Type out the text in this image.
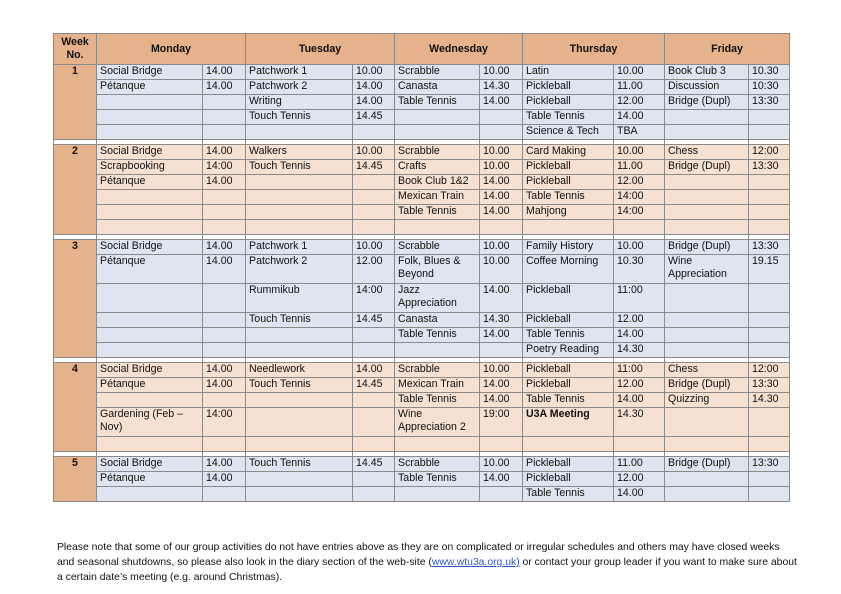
Week No.	Monday		Tuesday		Wednesday		Thursday		Friday	
1	Social Bridge	14.00	Patchwork 1	10.00	Scrabble	10.00	Latin	10.00	Book Club 3	10.30
	Pétanque	14.00	Patchwork 2	14.00	Canasta	14.30	Pickleball	11.00	Discussion	10:30
			Writing	14.00	Table Tennis	14.00	Pickleball	12.00	Bridge (Dupl)	13:30
			Touch Tennis	14.45			Table Tennis	14.00		
							Science & Tech	TBA		

2	Social Bridge	14.00	Walkers	10.00	Scrabble	10.00	Card Making	10.00	Chess	12:00
	Scrapbooking	14:00	Touch Tennis	14.45	Crafts	10.00	Pickleball	11.00	Bridge (Dupl)	13:30
	Pétanque	14.00			Book Club 1&2	14.00	Pickleball	12.00		
					Mexican Train	14.00	Table Tennis	14:00		
					Table Tennis	14.00	Mahjong	14:00		

3	Social Bridge	14.00	Patchwork 1	10.00	Scrabble	10.00	Family History	10.00	Bridge (Dupl)	13:30
	Pétanque	14.00	Patchwork 2	12.00	Folk, Blues & Beyond	10.00	Coffee Morning	10.30	Wine Appreciation	19.15
			Rummikub	14:00	Jazz Appreciation	14.00	Pickleball	11:00		
			Touch Tennis	14.45	Canasta	14.30	Pickleball	12.00		
					Table Tennis	14.00	Table Tennis	14.00		
							Poetry Reading	14.30		

4	Social Bridge	14.00	Needlework	14.00	Scrabble	10.00	Pickleball	11:00	Chess	12:00
	Pétanque	14.00	Touch Tennis	14.45	Mexican Train	14.00	Pickleball	12.00	Bridge (Dupl)	13:30
					Table Tennis	14.00	Table Tennis	14.00	Quizzing	14.30
	Gardening (Feb – Nov)	14:00			Wine Appreciation 2	19:00	U3A Meeting	14.30		

5	Social Bridge	14.00	Touch Tennis	14.45	Scrabble	10.00	Pickleball	11.00	Bridge (Dupl)	13:30
	Pétanque	14.00			Table Tennis	14.00	Pickleball	12.00		
							Table Tennis	14.00		
Please note that some of our group activities do not have entries above as they are on complicated or irregular schedules and others may have closed weeks and seasonal shutdowns, so please also look in the diary section of the web-site (www.wtu3a.org.uk) or contact your group leader if you want to make sure about a certain date’s meeting (e.g. around Christmas).
